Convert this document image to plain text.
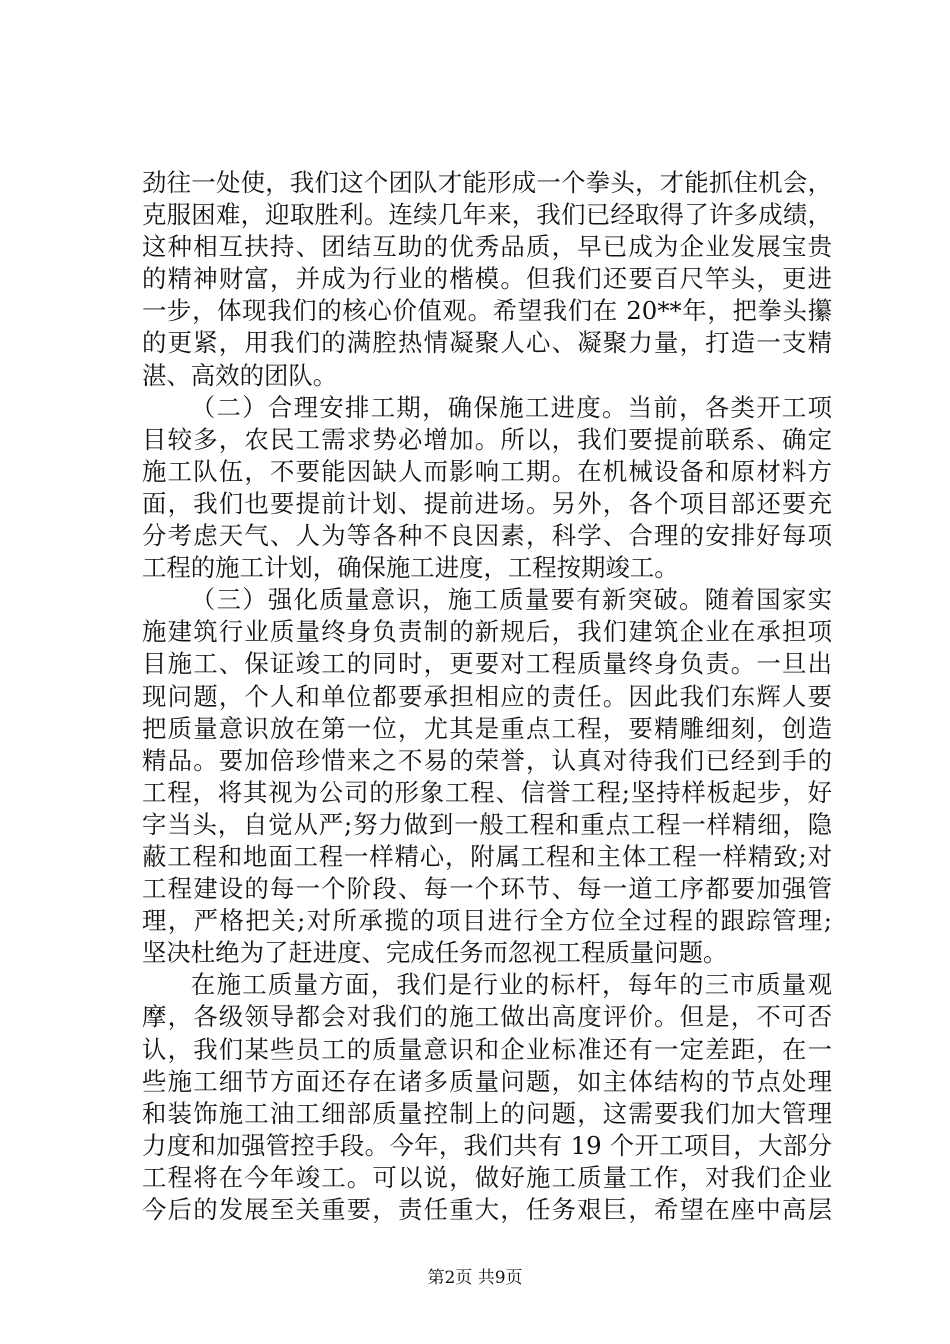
劲往一处使，我们这个团队才能形成一个拳头，才能抓住机会，
克服困难，迎取胜利。连续几年来，我们已经取得了许多成绩，
这种相互扶持、团结互助的优秀品质，早已成为企业发展宝贵
的精神财富，并成为行业的楷模。但我们还要百尺竿头，更进
一步，体现我们的核心价值观。希望我们在 20**年，把拳头攥
的更紧，用我们的满腔热情凝聚人心、凝聚力量，打造一支精
湛、高效的团队。
（二）合理安排工期，确保施工进度。当前，各类开工项
目较多，农民工需求势必增加。所以，我们要提前联系、确定
施工队伍，不要能因缺人而影响工期。在机械设备和原材料方
面，我们也要提前计划、提前进场。另外，各个项目部还要充
分考虑天气、人为等各种不良因素，科学、合理的安排好每项
工程的施工计划，确保施工进度，工程按期竣工。
（三）强化质量意识，施工质量要有新突破。随着国家实
施建筑行业质量终身负责制的新规后，我们建筑企业在承担项
目施工、保证竣工的同时，更要对工程质量终身负责。一旦出
现问题，个人和单位都要承担相应的责任。因此我们东辉人要
把质量意识放在第一位，尤其是重点工程，要精雕细刻，创造
精品。要加倍珍惜来之不易的荣誉，认真对待我们已经到手的
工程，将其视为公司的形象工程、信誉工程;坚持样板起步，好
字当头，自觉从严;努力做到一般工程和重点工程一样精细，隐
蔽工程和地面工程一样精心，附属工程和主体工程一样精致;对
工程建设的每一个阶段、每一个环节、每一道工序都要加强管
理，严格把关;对所承揽的项目进行全方位全过程的跟踪管理;
坚决杜绝为了赶进度、完成任务而忽视工程质量问题。
在施工质量方面，我们是行业的标杆，每年的三市质量观
摩，各级领导都会对我们的施工做出高度评价。但是，不可否
认，我们某些员工的质量意识和企业标准还有一定差距，在一
些施工细节方面还存在诸多质量问题，如主体结构的节点处理
和装饰施工油工细部质量控制上的问题，这需要我们加大管理
力度和加强管控手段。今年，我们共有 19 个开工项目，大部分
工程将在今年竣工。可以说，做好施工质量工作，对我们企业
今后的发展至关重要，责任重大，任务艰巨，希望在座中高层
第2页 共9页
